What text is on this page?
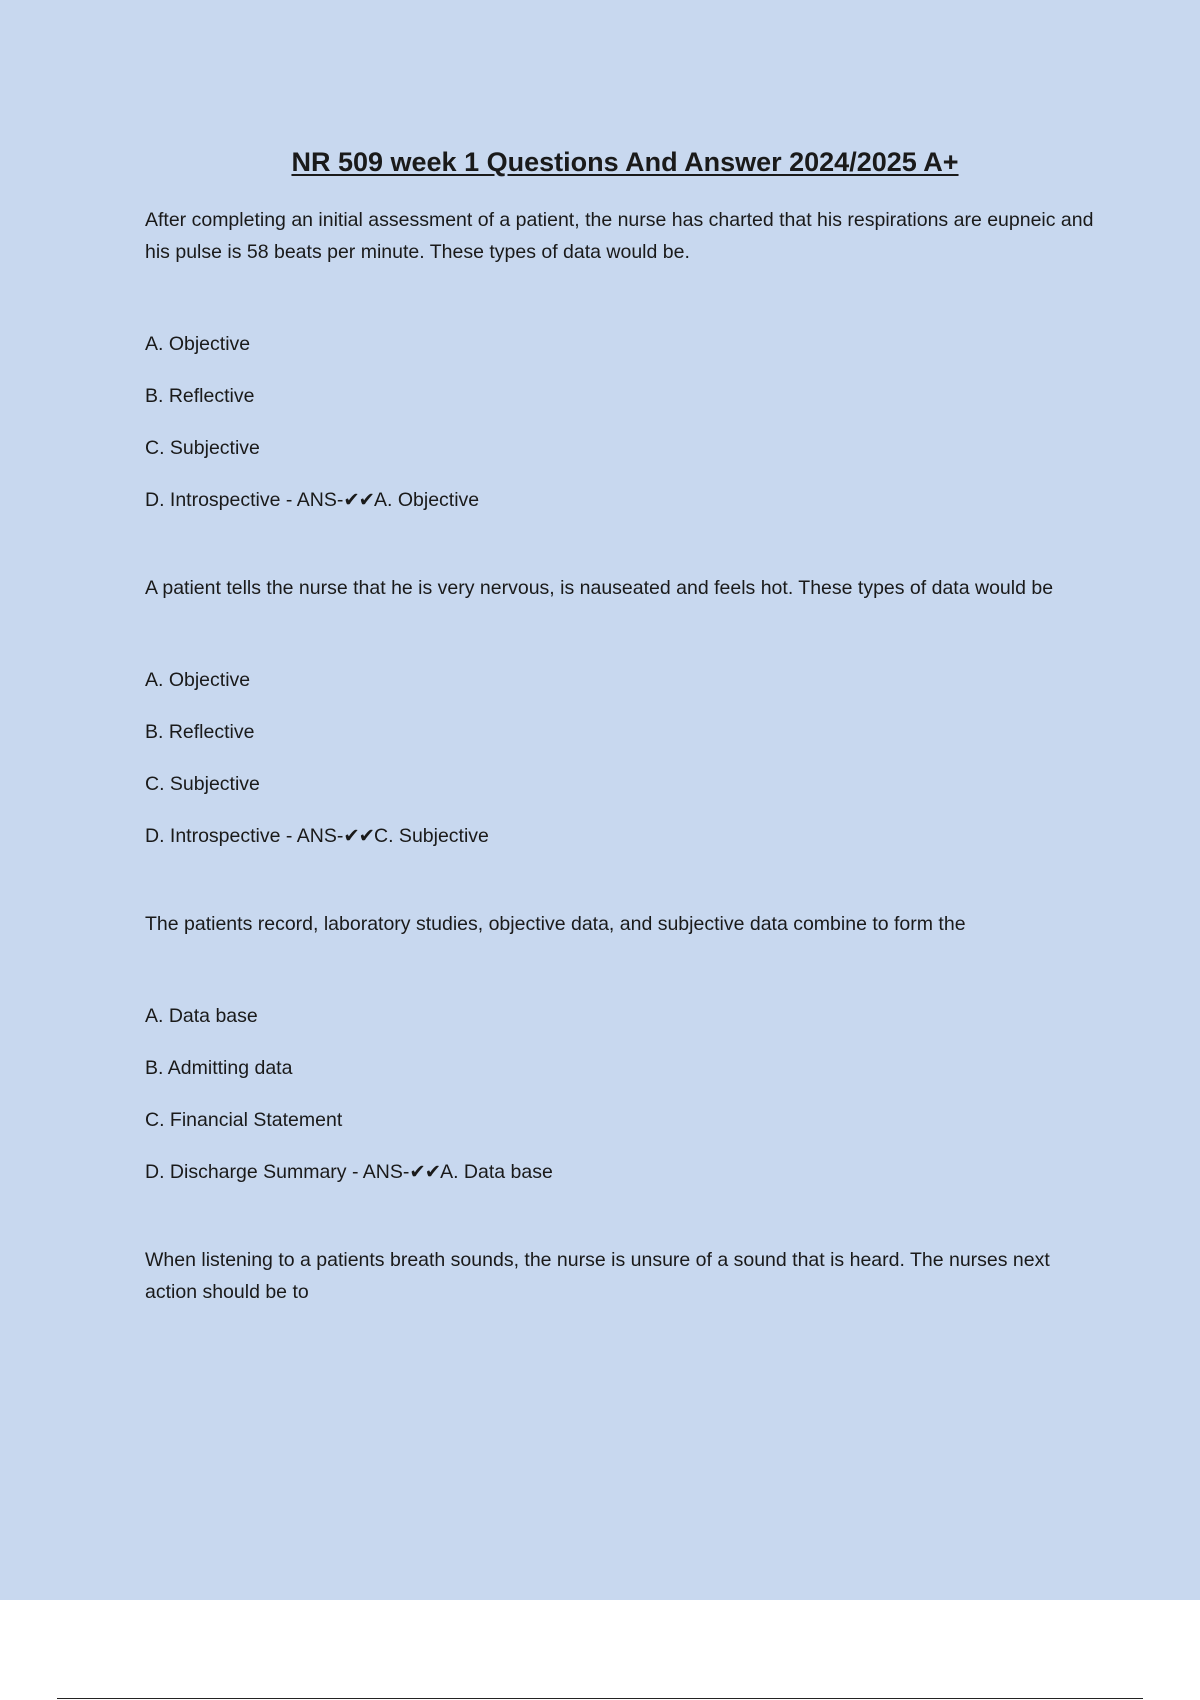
NR 509 week 1 Questions And Answer 2024/2025 A+

After completing an initial assessment of a patient, the nurse has charted that his respirations are eupneic and his pulse is 58 beats per minute. These types of data would be.

A. Objective

B. Reflective

C. Subjective

D. Introspective - ANS-✔✔A. Objective

A patient tells the nurse that he is very nervous, is nauseated and feels hot. These types of data would be

A. Objective

B. Reflective

C. Subjective

D. Introspective - ANS-✔✔C. Subjective

The patients record, laboratory studies, objective data, and subjective data combine to form the

A. Data base

B. Admitting data

C. Financial Statement

D. Discharge Summary - ANS-✔✔A. Data base

When listening to a patients breath sounds, the nurse is unsure of a sound that is heard. The nurses next action should be to
